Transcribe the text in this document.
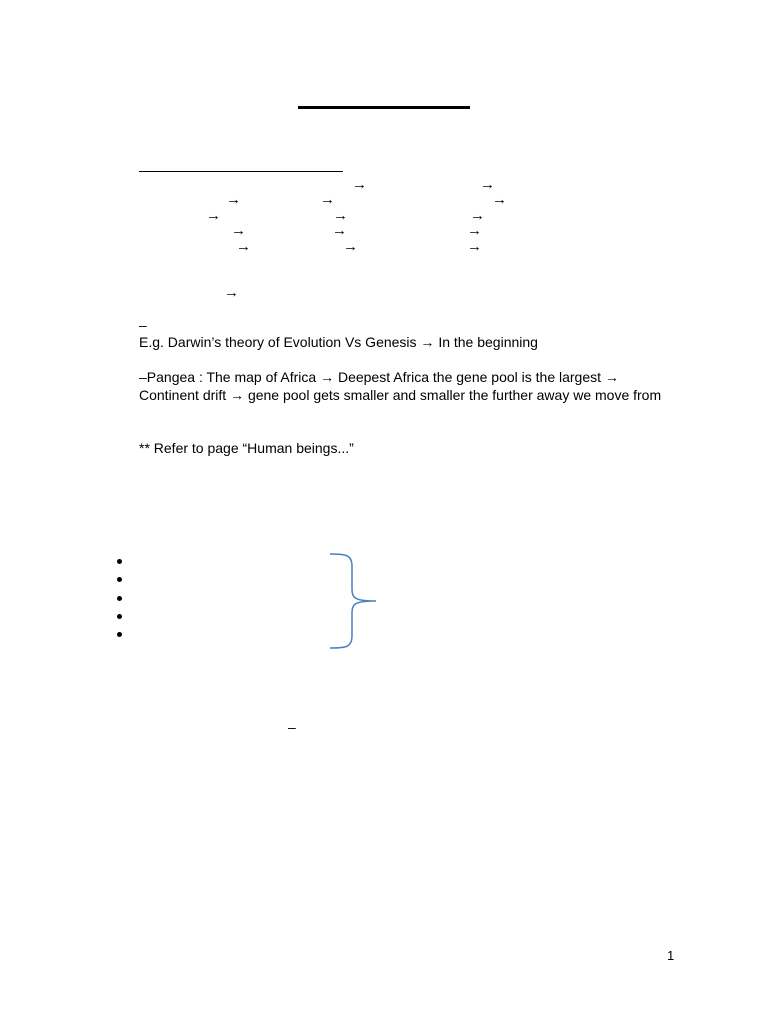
→	→
→	→	→
→	→	→
→	→	→
→	→	→
→
–
E.g. Darwin’s theory of Evolution Vs Genesis → In the beginning
–Pangea : The map of Africa → Deepest Africa the gene pool is the largest →
Continent drift → gene pool gets smaller and smaller the further away we move from
** Refer to page “Human beings...”
–
1
